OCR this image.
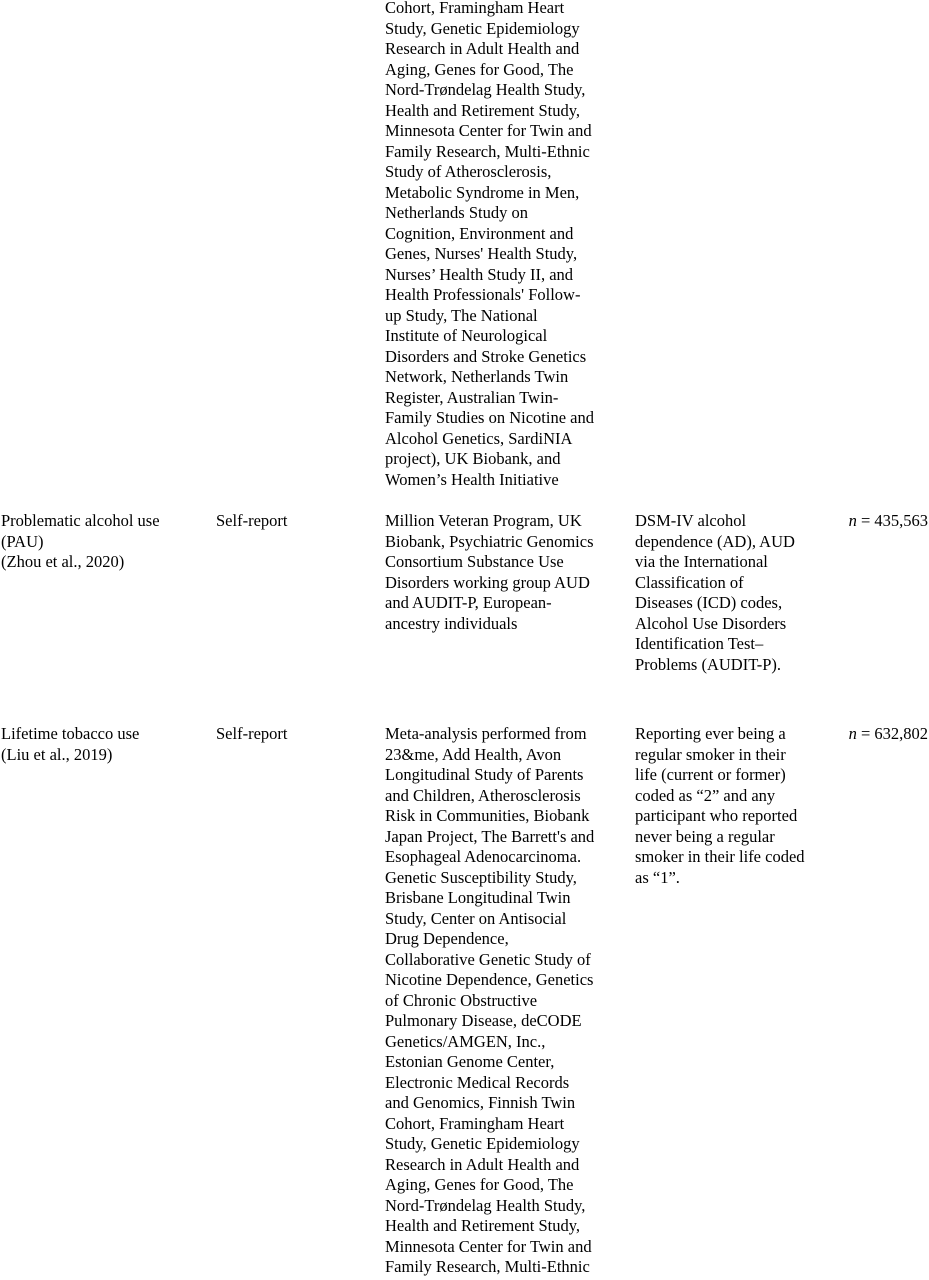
Cohort, Framingham Heart
Study, Genetic Epidemiology
Research in Adult Health and
Aging, Genes for Good, The
Nord-Trøndelag Health Study,
Health and Retirement Study,
Minnesota Center for Twin and
Family Research, Multi-Ethnic
Study of Atherosclerosis,
Metabolic Syndrome in Men,
Netherlands Study on
Cognition, Environment and
Genes, Nurses' Health Study,
Nurses’ Health Study II, and
Health Professionals' Follow-
up Study, The National
Institute of Neurological
Disorders and Stroke Genetics
Network, Netherlands Twin
Register, Australian Twin-
Family Studies on Nicotine and
Alcohol Genetics, SardiNIA
project), UK Biobank, and
Women’s Health Initiative
Problematic alcohol use
(PAU)
(Zhou et al., 2020)
Self-report	Million Veteran Program, UK
Biobank, Psychiatric Genomics
Consortium Substance Use
Disorders working group AUD
and AUDIT-P, European-
ancestry individuals
DSM-IV alcohol
dependence (AD), AUD
via the International
Classification of
Diseases (ICD) codes,
Alcohol Use Disorders
Identification Test–
Problems (AUDIT-P).
n = 435,563
Lifetime tobacco use
(Liu et al., 2019)
Self-report	Meta-analysis performed from
23&me, Add Health, Avon
Longitudinal Study of Parents
and Children, Atherosclerosis
Risk in Communities, Biobank
Japan Project, The Barrett's and
Esophageal Adenocarcinoma.
Genetic Susceptibility Study,
Brisbane Longitudinal Twin
Study, Center on Antisocial
Drug Dependence,
Collaborative Genetic Study of
Nicotine Dependence, Genetics
of Chronic Obstructive
Pulmonary Disease, deCODE
Genetics/AMGEN, Inc.,
Estonian Genome Center,
Electronic Medical Records
and Genomics, Finnish Twin
Cohort, Framingham Heart
Study, Genetic Epidemiology
Research in Adult Health and
Aging, Genes for Good, The
Nord-Trøndelag Health Study,
Health and Retirement Study,
Minnesota Center for Twin and
Family Research, Multi-Ethnic
Reporting ever being a
regular smoker in their
life (current or former)
coded as “2” and any
participant who reported
never being a regular
smoker in their life coded
as “1”.
n = 632,802
